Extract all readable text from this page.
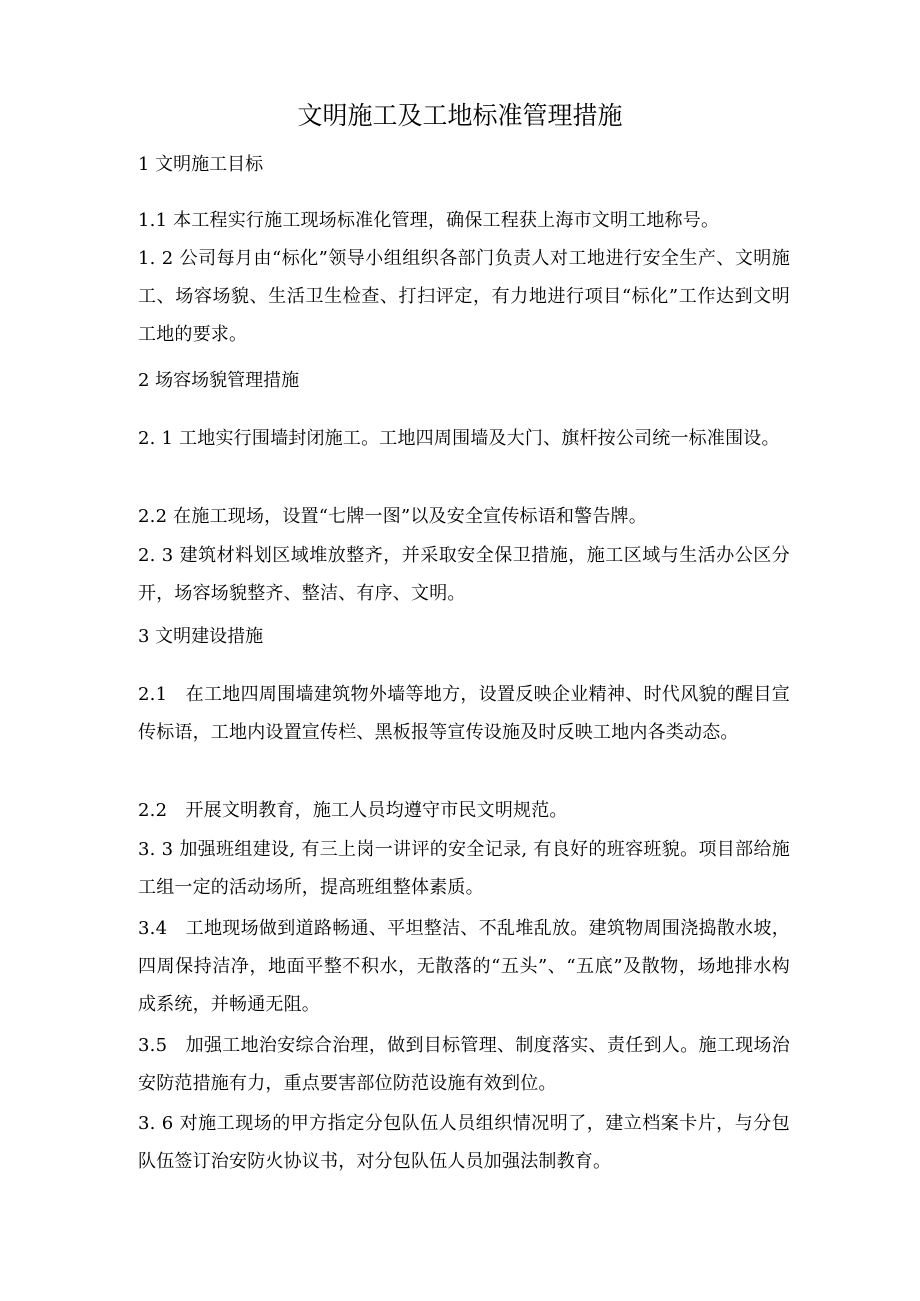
文明施工及工地标准管理措施
1 文明施工目标

1.1 本工程实行施工现场标准化管理，确保工程获上海市文明工地称号。

1. 2 公司每月由“标化”领导小组组织各部门负责人对工地进行安全生产、文明施工、场容场貌、生活卫生检查、打扫评定，有力地进行项目“标化”工作达到文明工地的要求。

2 场容场貌管理措施

2. 1 工地实行围墙封闭施工。工地四周围墙及大门、旗杆按公司统一标准围设。

2.2 在施工现场，设置“七牌一图”以及安全宣传标语和警告牌。

2. 3 建筑材料划区域堆放整齐，并采取安全保卫措施，施工区域与生活办公区分开，场容场貌整齐、整洁、有序、文明。

3 文明建设措施

2.1　在工地四周围墙建筑物外墙等地方，设置反映企业精神、时代风貌的醒目宣传标语，工地内设置宣传栏、黑板报等宣传设施及时反映工地内各类动态。

2.2　开展文明教育，施工人员均遵守市民文明规范。

3. 3 加强班组建设, 有三上岗一讲评的安全记录, 有良好的班容班貌。项目部给施工组一定的活动场所，提高班组整体素质。

3.4　工地现场做到道路畅通、平坦整洁、不乱堆乱放。建筑物周围浇捣散水坡，四周保持洁净，地面平整不积水，无散落的“五头”、“五底”及散物，场地排水构成系统，并畅通无阻。

3.5　加强工地治安综合治理，做到目标管理、制度落实、责任到人。施工现场治安防范措施有力，重点要害部位防范设施有效到位。

3. 6 对施工现场的甲方指定分包队伍人员组织情况明了，建立档案卡片，与分包队伍签订治安防火协议书，对分包队伍人员加强法制教育。
